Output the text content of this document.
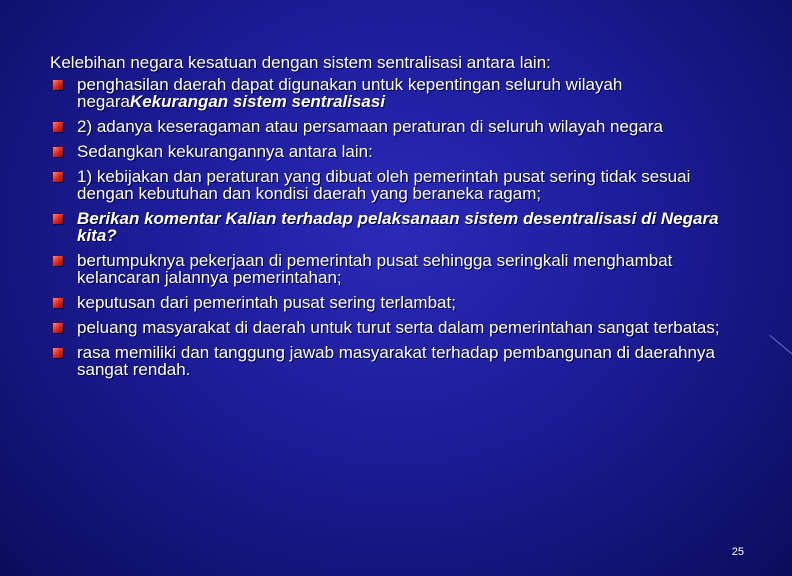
Kelebihan negara kesatuan dengan sistem sentralisasi antara lain:
penghasilan daerah dapat digunakan untuk kepentingan seluruh wilayah negaraKekurangan sistem sentralisasi
2) adanya keseragaman atau persamaan peraturan di seluruh wilayah negara
Sedangkan kekurangannya antara lain:
1) kebijakan dan peraturan yang dibuat oleh pemerintah pusat sering tidak sesuai dengan kebutuhan dan kondisi daerah yang beraneka ragam;
Berikan komentar Kalian terhadap pelaksanaan sistem desentralisasi di Negara kita?
bertumpuknya pekerjaan di pemerintah pusat sehingga seringkali menghambat kelancaran jalannya pemerintahan;
keputusan dari pemerintah pusat sering terlambat;
peluang masyarakat di daerah untuk turut serta dalam pemerintahan sangat terbatas;
rasa memiliki dan tanggung jawab masyarakat terhadap pembangunan di daerahnya sangat rendah.
25
